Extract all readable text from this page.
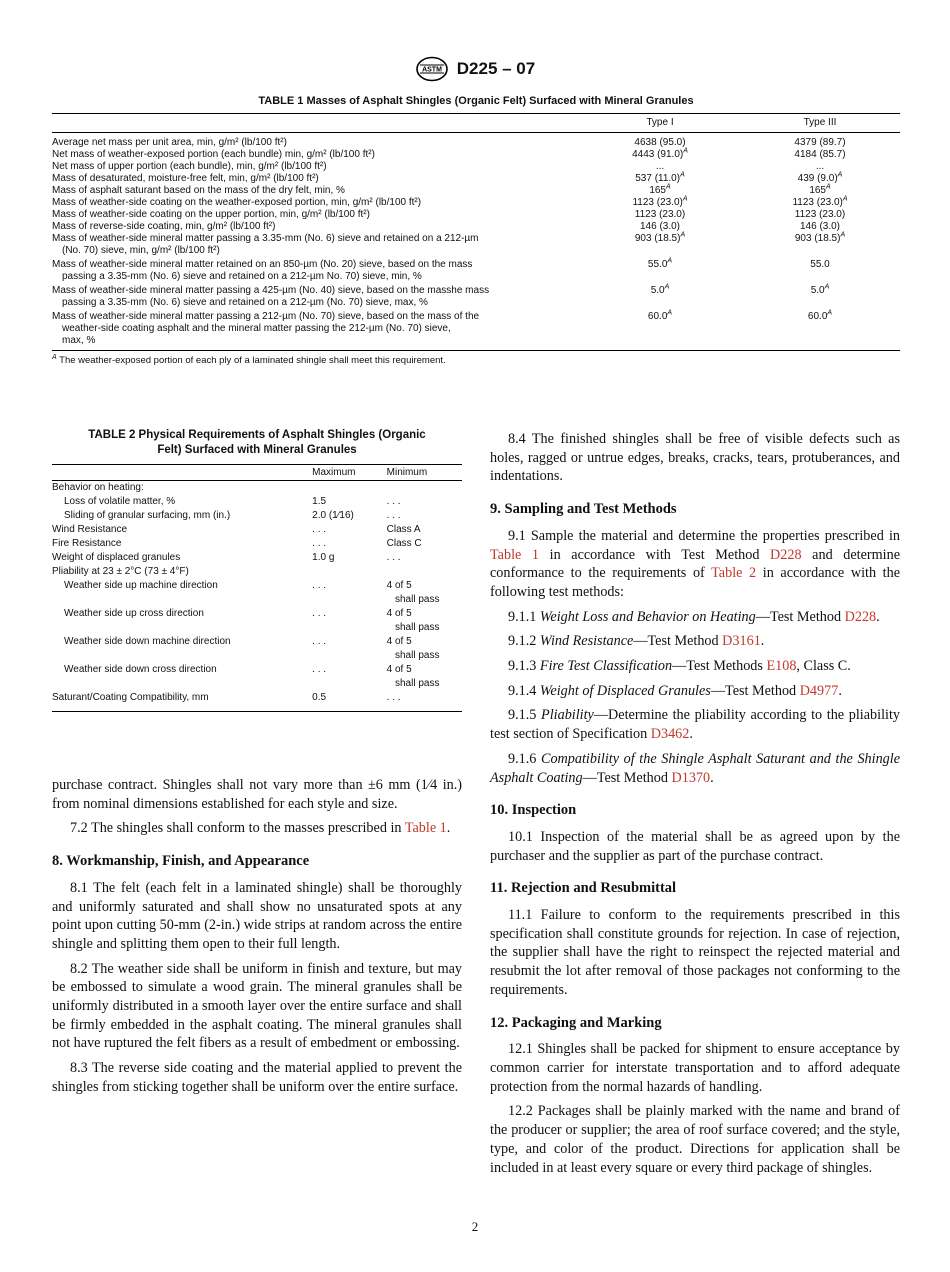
ASTM D225 – 07
TABLE 1 Masses of Asphalt Shingles (Organic Felt) Surfaced with Mineral Granules
	Type I	Type III
Average net mass per unit area, min, g/m² (lb/100 ft²)	4638 (95.0)	4379 (89.7)
Net mass of weather-exposed portion (each bundle) min, g/m² (lb/100 ft²)	4443 $(91.0)^A$	4184 (85.7)
Net mass of upper portion (each bundle), min, g/m² (lb/100 ft²)	...	...
Mass of desaturated, moisture-free felt, min, g/m² (lb/100 ft²)	537 $(11.0)^A$	439 $(9.0)^A$
Mass of asphalt saturant based on the mass of the dry felt, min, %	$165^A$	$165^A$
Mass of weather-side coating on the weather-exposed portion, min, g/m² (lb/100 ft²)	1123 $(23.0)^A$	1123 $(23.0)^A$
Mass of weather-side coating on the upper portion, min, g/m² (lb/100 ft²)	1123 (23.0)	1123 (23.0)
Mass of reverse-side coating, min, g/m² (lb/100 ft²)	146 (3.0)	146 (3.0)
Mass of weather-side mineral matter passing a 3.35-mm (No. 6) sieve and retained on a 212-µm
(No. 70) sieve, min, g/m² (lb/100 ft²)	903 $(18.5)^A$	903 $(18.5)^A$
Mass of weather-side mineral matter retained on an 850-µm (No. 20) sieve, based on the mass
passing a 3.35-mm (No. 6) sieve and retained on a 212-µm No. 70) sieve, min, %	$55.0^A$	55.0
Mass of weather-side mineral matter passing a 425-µm (No. 40) sieve, based on the masshe mass
passing a 3.35-mm (No. 6) sieve and retained on a 212-µm (No. 70) sieve, max, %	$5.0^A$	$5.0^A$
Mass of weather-side mineral matter passing a 212-µm (No. 70) sieve, based on the mass of the
weather-side coating asphalt and the mineral matter passing the 212-µm (No. 70) sieve,
max, %	$60.0^A$	$60.0^A$
$^A$ The weather-exposed portion of each ply of a laminated shingle shall meet this requirement.		
TABLE 2 Physical Requirements of Asphalt Shingles (Organic
Felt) Surfaced with Mineral Granules
	Maximum	Minimum
Behavior on heating:		
Loss of volatile matter, %	1.5	. . .
Sliding of granular surfacing, mm (in.)	2.0 (1⁄16)	. . .
Wind Resistance	. . .	Class A
Fire Resistance	. . .	Class C
Weight of displaced granules	1.0 g	. . .
Pliability at 23 ± 2°C (73 ± 4°F)		
Weather side up machine direction	. . .	4 of 5
shall pass
Weather side up cross direction	. . .	4 of 5
shall pass
Weather side down machine direction	. . .	4 of 5
shall pass
Weather side down cross direction	. . .	4 of 5
shall pass
Saturant/Coating Compatibility, mm	0.5	. . .

purchase contract. Shingles shall not vary more than ±6 mm (1⁄4 in.) from nominal dimensions established for each style and size.

7.2 The shingles shall conform to the masses prescribed in Table 1.

8. Workmanship, Finish, and Appearance

8.1 The felt (each felt in a laminated shingle) shall be thoroughly and uniformly saturated and shall show no unsaturated spots at any point upon cutting 50-mm (2-in.) wide strips at random across the entire shingle and splitting them open to their full length.

8.2 The weather side shall be uniform in finish and texture, but may be embossed to simulate a wood grain. The mineral granules shall be uniformly distributed in a smooth layer over the entire surface and shall be firmly embedded in the asphalt coating. The mineral granules shall not have ruptured the felt fibers as a result of embedment or embossing.

8.3 The reverse side coating and the material applied to prevent the shingles from sticking together shall be uniform over the entire surface.

8.4 The finished shingles shall be free of visible defects such as holes, ragged or untrue edges, breaks, cracks, tears, protuberances, and indentations.

9. Sampling and Test Methods

9.1 Sample the material and determine the properties prescribed in Table 1 in accordance with Test Method D228 and determine conformance to the requirements of Table 2 in accordance with the following test methods:

9.1.1 Weight Loss and Behavior on Heating—Test Method D228.

9.1.2 Wind Resistance—Test Method D3161.

9.1.3 Fire Test Classification—Test Methods E108, Class C.

9.1.4 Weight of Displaced Granules—Test Method D4977.

9.1.5 Pliability—Determine the pliability according to the pliability test section of Specification D3462.

9.1.6 Compatibility of the Shingle Asphalt Saturant and the Shingle Asphalt Coating—Test Method D1370.

10. Inspection

10.1 Inspection of the material shall be as agreed upon by the purchaser and the supplier as part of the purchase contract.

11. Rejection and Resubmittal

11.1 Failure to conform to the requirements prescribed in this specification shall constitute grounds for rejection. In case of rejection, the supplier shall have the right to reinspect the rejected material and resubmit the lot after removal of those packages not conforming to the requirements.

12. Packaging and Marking

12.1 Shingles shall be packed for shipment to ensure acceptance by common carrier for interstate transportation and to afford adequate protection from the normal hazards of handling.

12.2 Packages shall be plainly marked with the name and brand of the producer or supplier; the area of roof surface covered; and the style, type, and color of the product. Directions for application shall be included in at least every square or every third package of shingles.

2
